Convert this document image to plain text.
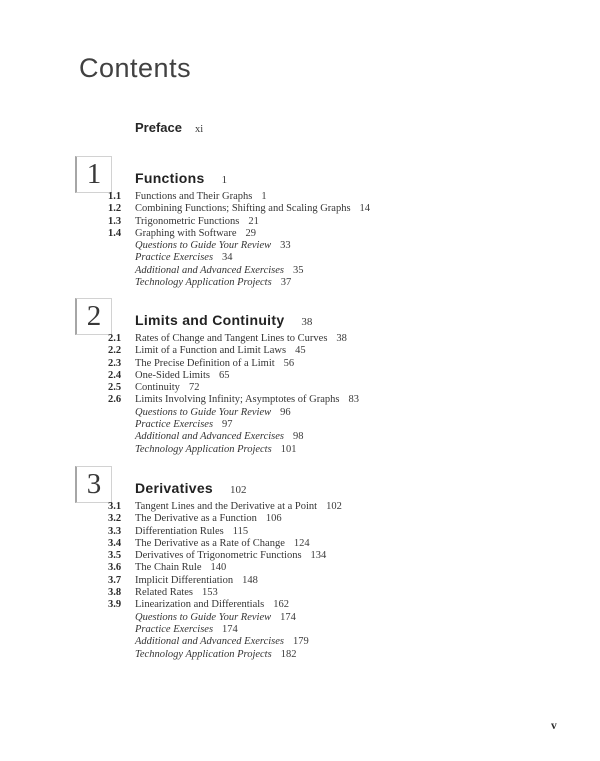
Contents
Preface xi
1 Functions 1
1.1	Functions and Their Graphs 1
1.2	Combining Functions; Shifting and Scaling Graphs 14
1.3	Trigonometric Functions 21
1.4	Graphing with Software 29
Questions to Guide Your Review 33
Practice Exercises 34
Additional and Advanced Exercises 35
Technology Application Projects 37
2 Limits and Continuity 38
2.1	Rates of Change and Tangent Lines to Curves 38
2.2	Limit of a Function and Limit Laws 45
2.3	The Precise Definition of a Limit 56
2.4	One-Sided Limits 65
2.5	Continuity 72
2.6	Limits Involving Infinity; Asymptotes of Graphs 83
Questions to Guide Your Review 96
Practice Exercises 97
Additional and Advanced Exercises 98
Technology Application Projects 101
3 Derivatives 102
3.1	Tangent Lines and the Derivative at a Point 102
3.2	The Derivative as a Function 106
3.3	Differentiation Rules 115
3.4	The Derivative as a Rate of Change 124
3.5	Derivatives of Trigonometric Functions 134
3.6	The Chain Rule 140
3.7	Implicit Differentiation 148
3.8	Related Rates 153
3.9	Linearization and Differentials 162
Questions to Guide Your Review 174
Practice Exercises 174
Additional and Advanced Exercises 179
Technology Application Projects 182
v
